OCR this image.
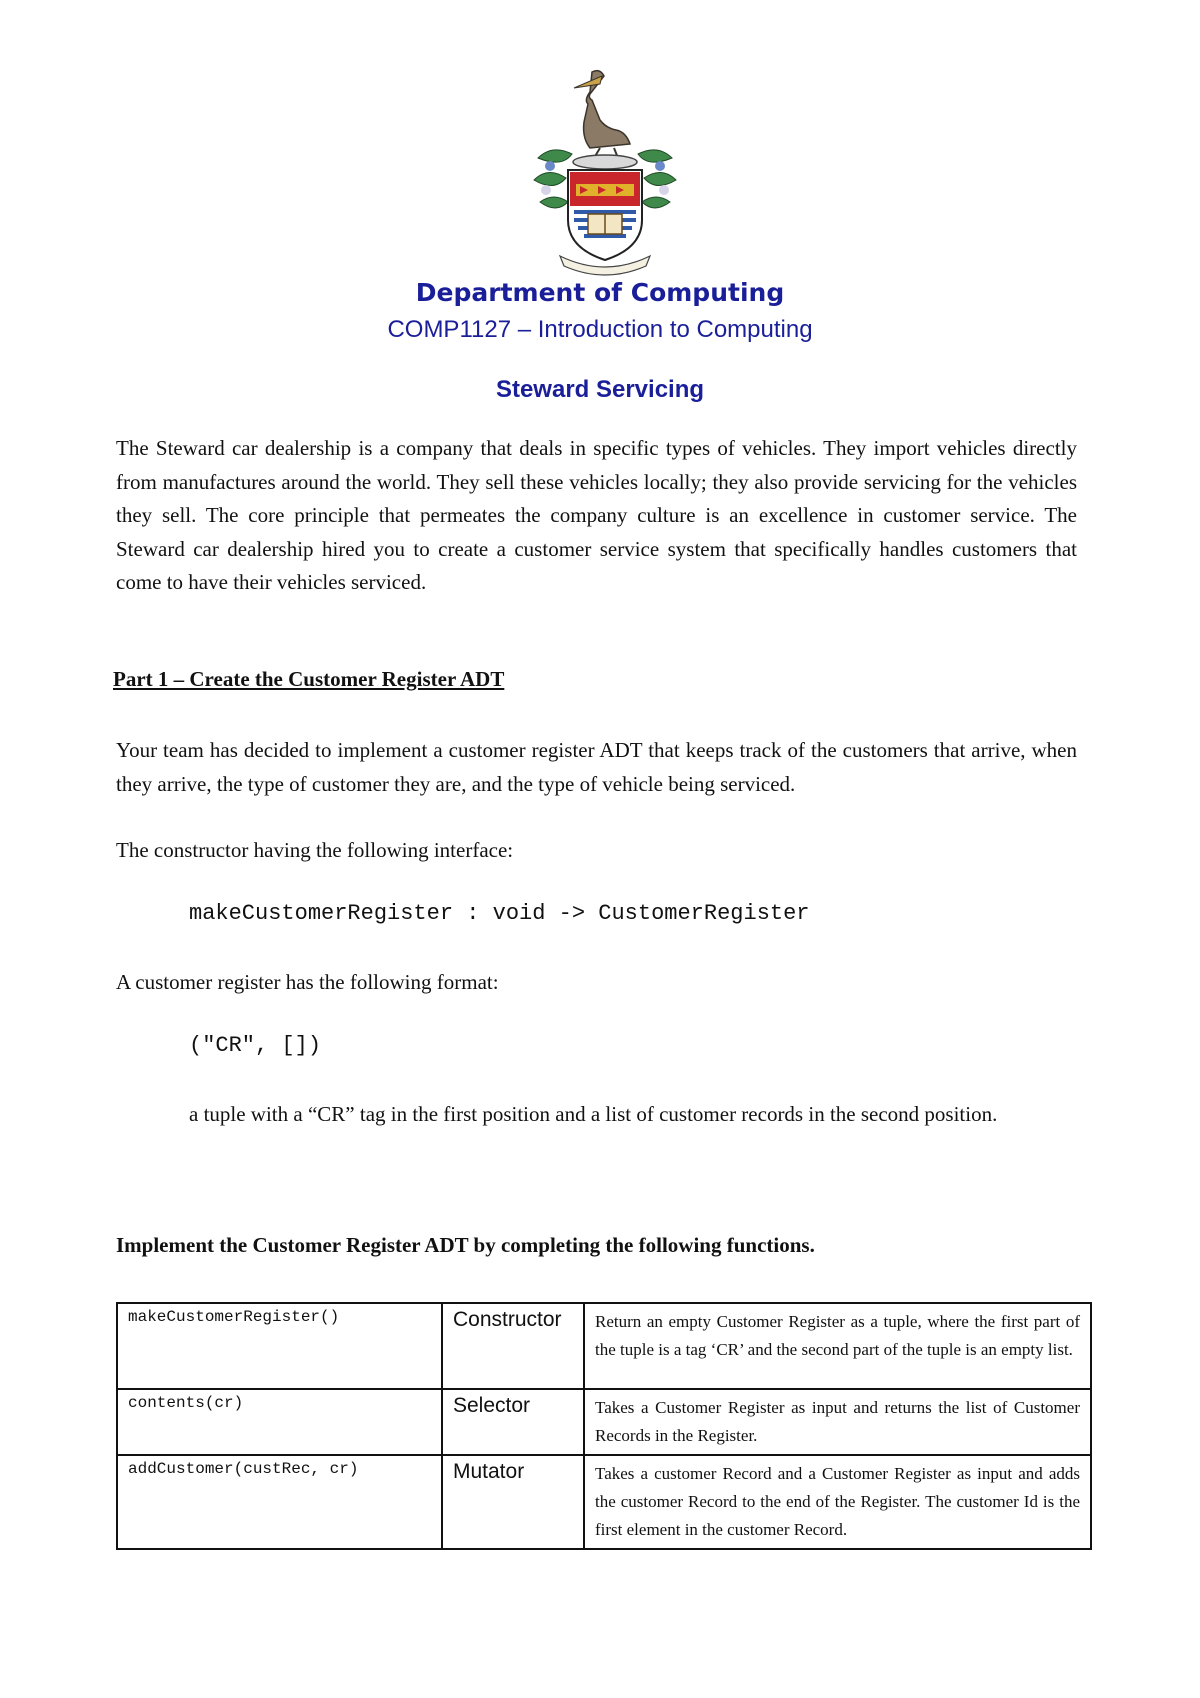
Department of Computing
COMP1127 – Introduction to Computing
Steward Servicing

The Steward car dealership is a company that deals in specific types of vehicles. They import vehicles directly from manufactures around the world. They sell these vehicles locally; they also provide servicing for the vehicles they sell. The core principle that permeates the company culture is an excellence in customer service. The Steward car dealership hired you to create a customer service system that specifically handles customers that come to have their vehicles serviced.

Part 1 – Create the Customer Register ADT

Your team has decided to implement a customer register ADT that keeps track of the customers that arrive, when they arrive, the type of customer they are, and the type of vehicle being serviced.

The constructor having the following interface:

makeCustomerRegister : void -> CustomerRegister

A customer register has the following format:

("CR", [])

a tuple with a “CR” tag in the first position and a list of customer records in the second position.

Implement the Customer Register ADT by completing the following functions.

makeCustomerRegister()	Constructor	Return an empty Customer Register as a tuple, where the first part of the tuple is a tag ‘CR’ and the second part of the tuple is an empty list.
contents(cr)	Selector	Takes a Customer Register as input and returns the list of Customer Records in the Register.
addCustomer(custRec, cr)	Mutator	Takes a customer Record and a Customer Register as input and adds the customer Record to the end of the Register. The customer Id is the first element in the customer Record.
